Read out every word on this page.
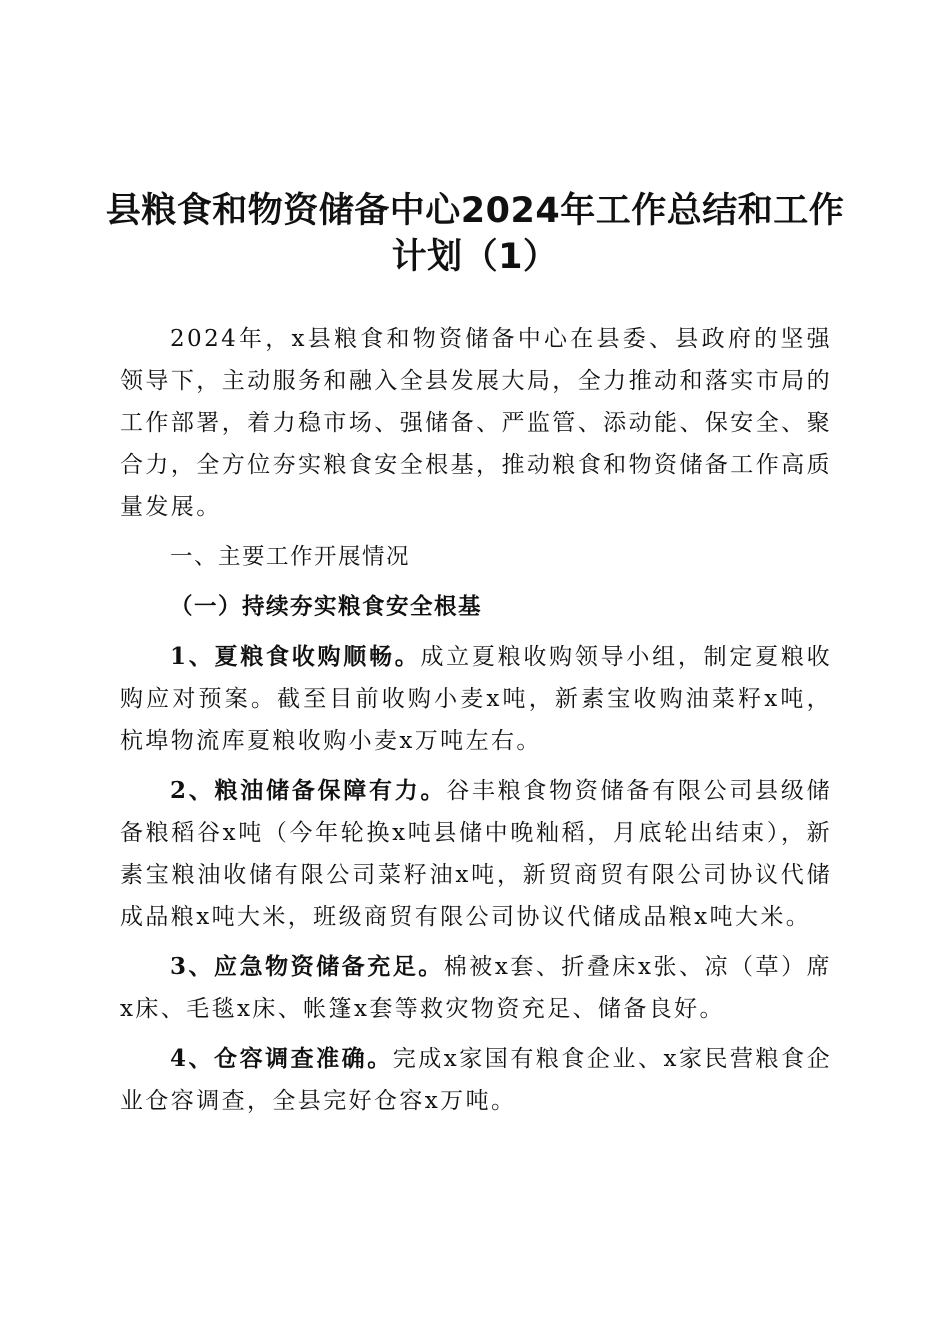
县粮食和物资储备中心2024年工作总结和工作计划（1）

2024年，x县粮食和物资储备中心在县委、县政府的坚强领导下，主动服务和融入全县发展大局，全力推动和落实市局的工作部署，着力稳市场、强储备、严监管、添动能、保安全、聚合力，全方位夯实粮食安全根基，推动粮食和物资储备工作高质量发展。

一、主要工作开展情况

（一）持续夯实粮食安全根基

1、夏粮食收购顺畅。成立夏粮收购领导小组，制定夏粮收购应对预案。截至目前收购小麦x吨，新素宝收购油菜籽x吨，杭埠物流库夏粮收购小麦x万吨左右。

2、粮油储备保障有力。谷丰粮食物资储备有限公司县级储备粮稻谷x吨（今年轮换x吨县储中晚籼稻，月底轮出结束），新素宝粮油收储有限公司菜籽油x吨，新贸商贸有限公司协议代储成品粮x吨大米，班级商贸有限公司协议代储成品粮x吨大米。

3、应急物资储备充足。棉被x套、折叠床x张、凉（草）席x床、毛毯x床、帐篷x套等救灾物资充足、储备良好。

4、仓容调查准确。完成x家国有粮食企业、x家民营粮食企业仓容调查，全县完好仓容x万吨。
